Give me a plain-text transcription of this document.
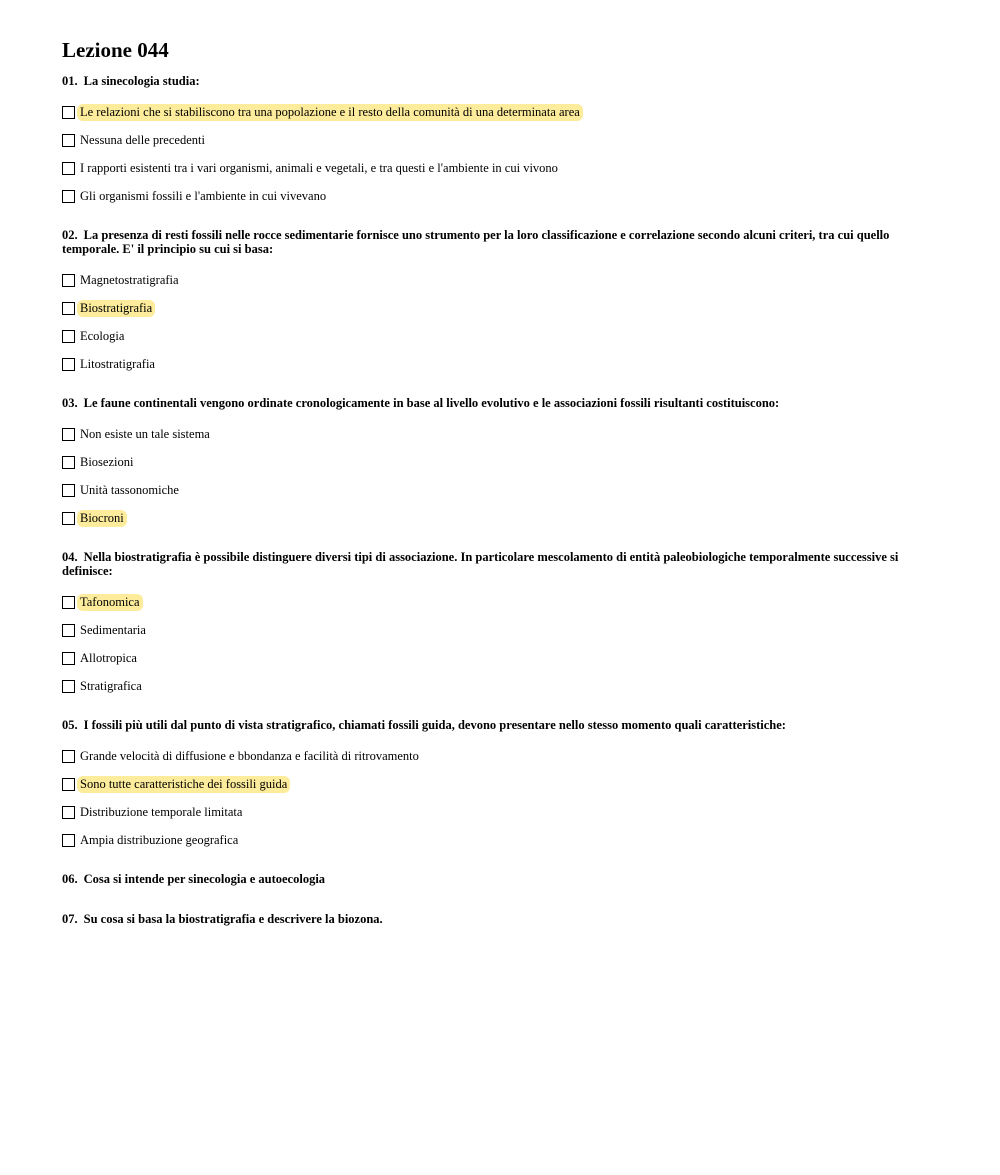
Lezione 044
01. La sinecologia studia:
Le relazioni che si stabiliscono tra una popolazione e il resto della comunità di una determinata area
Nessuna delle precedenti
I rapporti esistenti tra i vari organismi, animali e vegetali, e tra questi e l'ambiente in cui vivono
Gli organismi fossili e l'ambiente in cui vivevano
02. La presenza di resti fossili nelle rocce sedimentarie fornisce uno strumento per la loro classificazione e correlazione secondo alcuni criteri, tra cui quello temporale. E' il principio su cui si basa:
Magnetostratigrafia
Biostratigrafia
Ecologia
Litostratigrafia
03. Le faune continentali vengono ordinate cronologicamente in base al livello evolutivo e le associazioni fossili risultanti costituiscono:
Non esiste un tale sistema
Biosezioni
Unità tassonomiche
Biocroni
04. Nella biostratigrafia è possibile distinguere diversi tipi di associazione. In particolare mescolamento di entità paleobiologiche temporalmente successive si definisce:
Tafonomica
Sedimentaria
Allotropica
Stratigrafica
05. I fossili più utili dal punto di vista stratigrafico, chiamati fossili guida, devono presentare nello stesso momento quali caratteristiche:
Grande velocità di diffusione e bbondanza e facilità di ritrovamento
Sono tutte caratteristiche dei fossili guida
Distribuzione temporale limitata
Ampia distribuzione geografica
06. Cosa si intende per sinecologia e autoecologia
07. Su cosa si basa la biostratigrafia e descrivere la biozona.
